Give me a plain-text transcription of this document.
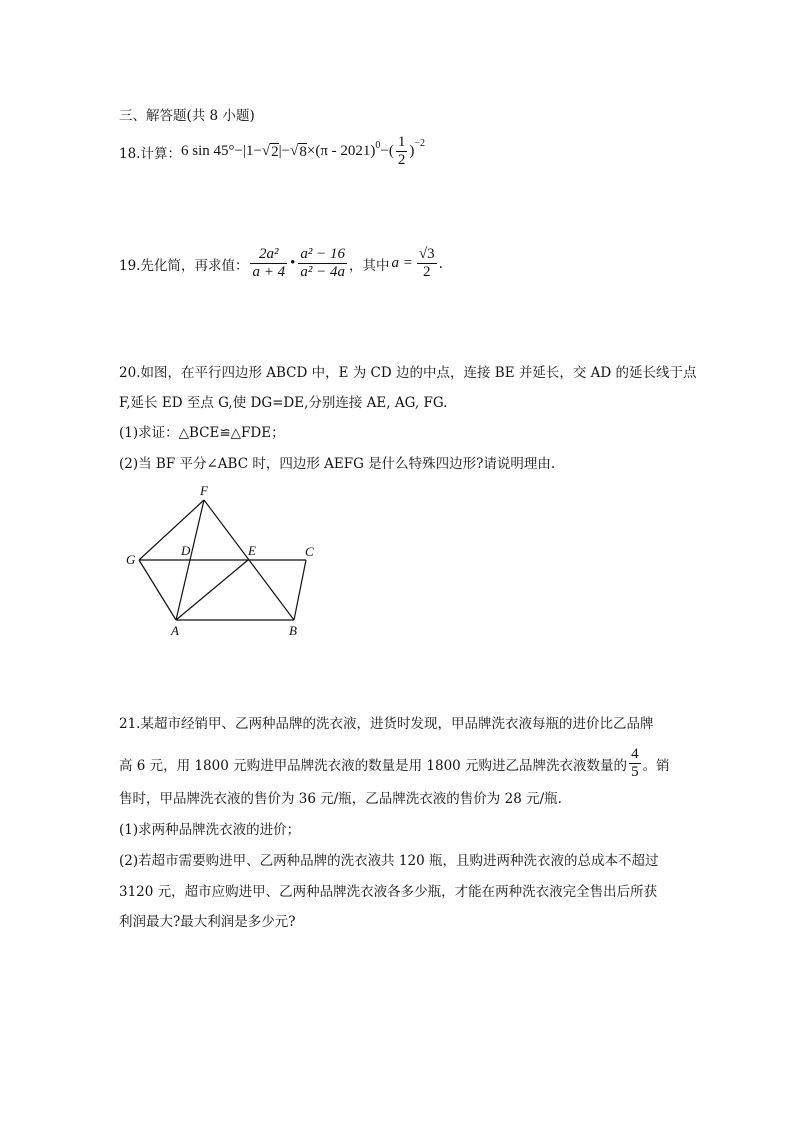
三、解答题(共 8 小题)
18.计算： 6 sin 45°−|1− √ 2 |− √ 8 ×(π - 2021)$^0$ −( $\frac{1}{2} )^{-2}$
19.先化简，再求值： $\frac{\text{2a²}}{a + 4}$ • $\frac{\text{a² − 16}}{\text{a² − 4a}}$ ，其中 $a = \frac{√3}{2}$ .
20.如图，在平行四边形 ABCD 中，E 为 CD 边的中点，连接 BE 并延长，交 AD 的延长线于点
F,延长 ED 至点 G,使 DG=DE,分别连接 AE, AG, FG.
(1)求证：△BCE≌△FDE；
(2)当 BF 平分∠ABC 时，四边形 AEFG 是什么特殊四边形?请说明理由.
F
G
D	E	C
A	B
21.某超市经销甲、乙两种品牌的洗衣液，进货时发现，甲品牌洗衣液每瓶的进价比乙品牌
高 6 元，用 1800 元购进甲品牌洗衣液的数量是用 1800 元购进乙品牌洗衣液数量的 $\frac{4}{5}$ 。销
售时，甲品牌洗衣液的售价为 36 元/瓶，乙品牌洗衣液的售价为 28 元/瓶.
(1)求两种品牌洗衣液的进价；
(2)若超市需要购进甲、乙两种品牌的洗衣液共 120 瓶，且购进两种洗衣液的总成本不超过
3120 元，超市应购进甲、乙两种品牌洗衣液各多少瓶，才能在两种洗衣液完全售出后所获
利润最大?最大利润是多少元?
